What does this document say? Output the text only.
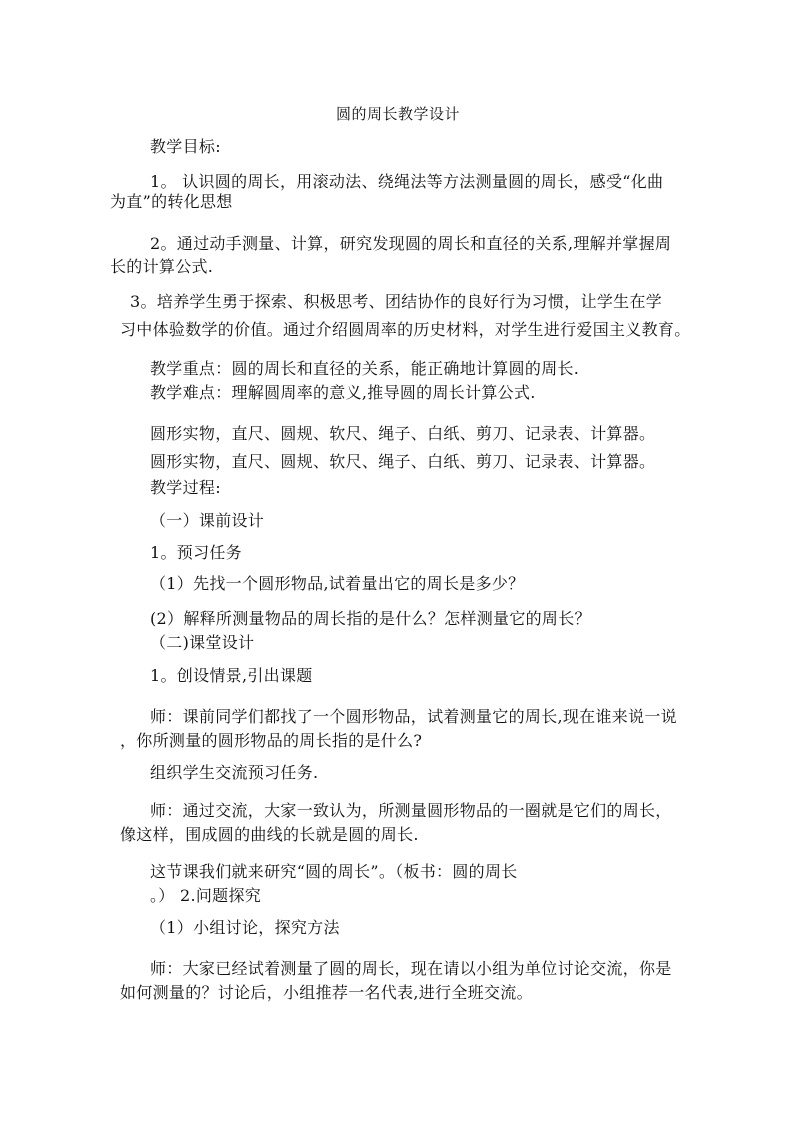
圆的周长教学设计
教学目标:
1。 认识圆的周长，用滚动法、绕绳法等方法测量圆的周长，感受“化曲
为直”的转化思想
2。通过动手测量、计算，研究发现圆的周长和直径的关系,理解并掌握周
长的计算公式.
3。培养学生勇于探索、积极思考、团结协作的良好行为习惯，让学生在学
习中体验数学的价值。通过介绍圆周率的历史材料，对学生进行爱国主义教育。
教学重点：圆的周长和直径的关系，能正确地计算圆的周长.
教学难点：理解圆周率的意义,推导圆的周长计算公式.
圆形实物，直尺、圆规、软尺、绳子、白纸、剪刀、记录表、计算器。
圆形实物，直尺、圆规、软尺、绳子、白纸、剪刀、记录表、计算器。
教学过程:
（一）课前设计
1。预习任务
（1）先找一个圆形物品,试着量出它的周长是多少？
(2）解释所测量物品的周长指的是什么？怎样测量它的周长？
（二)课堂设计
1。创设情景,引出课题
师：课前同学们都找了一个圆形物品，试着测量它的周长,现在谁来说一说
，你所测量的圆形物品的周长指的是什么?
组织学生交流预习任务.
师：通过交流，大家一致认为，所测量圆形物品的一圈就是它们的周长，
像这样，围成圆的曲线的长就是圆的周长.
这节课我们就来研究“圆的周长”。（板书：圆的周长
。） 2.问题探究
（1）小组讨论，探究方法
师：大家已经试着测量了圆的周长，现在请以小组为单位讨论交流，你是
如何测量的？讨论后，小组推荐一名代表,进行全班交流。
